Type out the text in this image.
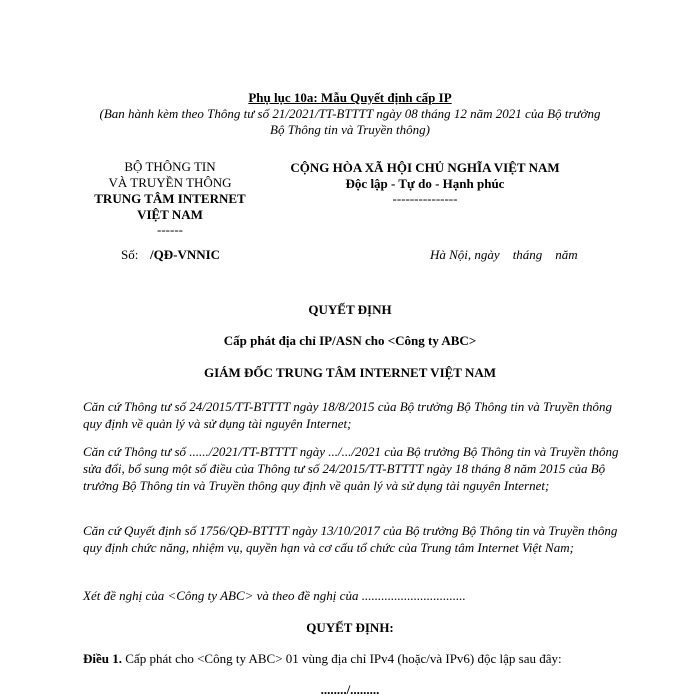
Phụ lục 10a: Mẫu Quyết định cấp IP
(Ban hành kèm theo Thông tư số 21/2021/TT-BTTTT ngày 08 tháng 12 năm 2021 của Bộ trưởng
Bộ Thông tin và Truyền thông)
BỘ THÔNG TIN
VÀ TRUYỀN THÔNG
TRUNG TÂM INTERNET
VIỆT NAM
------
Số: /QĐ-VNNIC
CỘNG HÒA XÃ HỘI CHỦ NGHĨA VIỆT NAM
Độc lập - Tự do - Hạnh phúc
---------------
Hà Nội, ngày    tháng    năm
QUYẾT ĐỊNH
Cấp phát địa chỉ IP/ASN cho <Công ty ABC>
GIÁM ĐỐC TRUNG TÂM INTERNET VIỆT NAM
Căn cứ Thông tư số 24/2015/TT-BTTTT ngày 18/8/2015 của Bộ trưởng Bộ Thông tin và Truyền thông quy định về quản lý và sử dụng tài nguyên Internet;
Căn cứ Thông tư số ....../2021/TT-BTTTT ngày .../.../2021 của Bộ trưởng Bộ Thông tin và Truyền thông sửa đổi, bổ sung một số điều của Thông tư số 24/2015/TT-BTTTT ngày 18 tháng 8 năm 2015 của Bộ trưởng Bộ Thông tin và Truyền thông quy định về quản lý và sử dụng tài nguyên Internet;
Căn cứ Quyết định số 1756/QĐ-BTTTT ngày 13/10/2017 của Bộ trưởng Bộ Thông tin và Truyền thông quy định chức năng, nhiệm vụ, quyền hạn và cơ cấu tổ chức của Trung tâm Internet Việt Nam;
Xét đề nghị của <Công ty ABC> và theo đề nghị của ................................
QUYẾT ĐỊNH:
Điều 1. Cấp phát cho <Công ty ABC> 01 vùng địa chỉ IPv4 (hoặc/và IPv6) độc lập sau đây:
......../.........
